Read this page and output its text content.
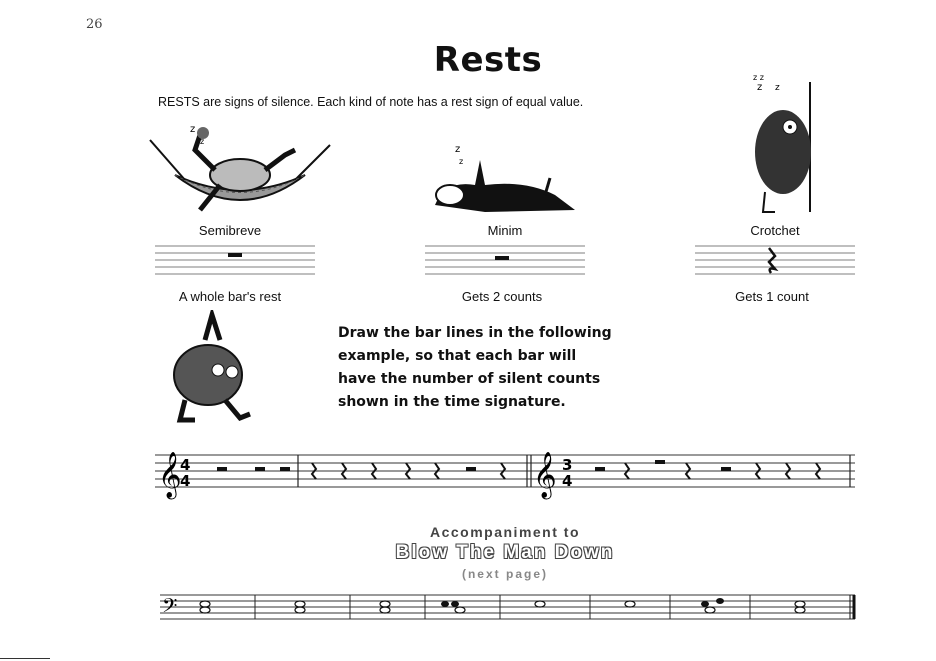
26
Rests
RESTS are signs of silence. Each kind of note has a rest sign of equal value.
z
z
z
z
z z
z z
Semibreve	Minim	Crotchet
A whole bar's rest	Gets 2 counts	Gets 1 count
Draw the bar lines in the following
example, so that each bar will
have the number of silent counts
shown in the time signature.
𝄞
4
4	𝄞 3
4
Accompaniment to
Blow The Man Down
(next page)
𝄢
